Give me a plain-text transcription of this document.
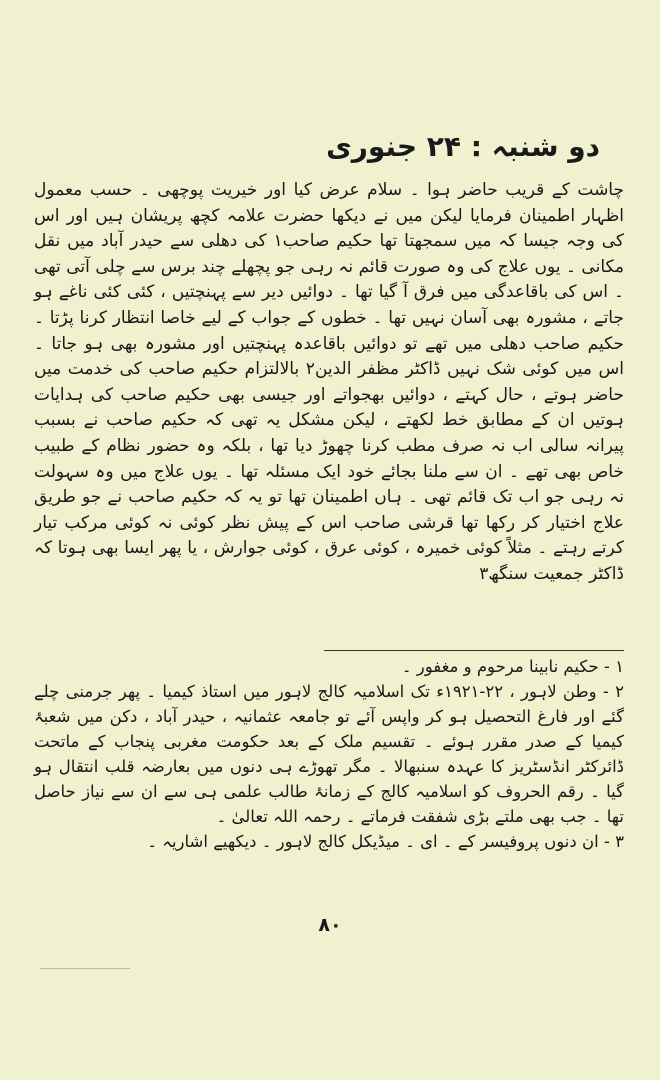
دو شنبہ : ۲۴ جنوری

چاشت کے قریب حاضر ہوا ۔ سلام عرض کیا اور خیریت پوچھی ۔ حسب معمول اظہار اطمینان فرمایا لیکن میں نے دیکھا حضرت علامہ کچھ پریشان ہیں اور اس کی وجہ جیسا کہ میں سمجھتا تھا حکیم صاحب۱ کی دھلی سے حیدر آباد میں نقل مکانی ۔ یوں علاج کی وہ صورت قائم نہ رہی جو پچھلے چند برس سے چلی آتی تھی ۔ اس کی باقاعدگی میں فرق آ گیا تھا ۔ دوائیں دیر سے پہنچتیں ، کئی کئی ناغے ہو جاتے ، مشورہ بھی آسان نہیں تھا ۔ خطوں کے جواب کے لیے خاصا انتظار کرنا پڑتا ۔ حکیم صاحب دھلی میں تھے تو دوائیں باقاعدہ پہنچتیں اور مشورہ بھی ہو جاتا ۔ اس میں کوئی شک نہیں ڈاکٹر مظفر الدین۲ بالالتزام حکیم صاحب کی خدمت میں حاضر ہوتے ، حال کہتے ، دوائیں بھجواتے اور جیسی بھی حکیم صاحب کی ہدایات ہوتیں ان کے مطابق خط لکھتے ، لیکن مشکل یہ تھی کہ حکیم صاحب نے بسبب پیرانہ سالی اب نہ صرف مطب کرنا چھوڑ دیا تھا ، بلکہ وہ حضور نظام کے طبیب خاص بھی تھے ۔ ان سے ملنا بجائے خود ایک مسئلہ تھا ۔ یوں علاج میں وہ سہولت نہ رہی جو اب تک قائم تھی ۔ ہاں اطمینان تھا تو یہ کہ حکیم صاحب نے جو طریق علاج اختیار کر رکھا تھا قرشی صاحب اس کے پیش نظر کوئی نہ کوئی مرکب تیار کرتے رہتے ۔ مثلاً کوئی خمیرہ ، کوئی عرق ، کوئی جوارش ، یا پھر ایسا بھی ہوتا کہ ڈاکٹر جمعیت سنگھ۳

۱ - حکیم نابینا مرحوم و مغفور ۔

۲ - وطن لاہور ، ۲۲-۱۹۲۱ء تک اسلامیہ کالج لاہور میں استاذ کیمیا ۔ پھر جرمنی چلے گئے اور فارغ التحصیل ہو کر واپس آئے تو جامعہ عثمانیہ ، حیدر آباد ، دکن میں شعبۂ کیمیا کے صدر مقرر ہوئے ۔ تقسیم ملک کے بعد حکومت مغربی پنجاب کے ماتحت ڈائرکٹر انڈسٹریز کا عہدہ سنبھالا ۔ مگر تھوڑے ہی دنوں میں بعارضہ قلب انتقال ہو گیا ۔ رقم الحروف کو اسلامیہ کالج کے زمانۂ طالب علمی ہی سے ان سے نیاز حاصل تھا ۔ جب بھی ملتے بڑی شفقت فرماتے ۔ رحمہ اللہ تعالیٰ ۔

۳ - ان دنوں پروفیسر کے ۔ ای ۔ میڈیکل کالج لاہور ۔ دیکھیے اشاریہ ۔

۸۰
